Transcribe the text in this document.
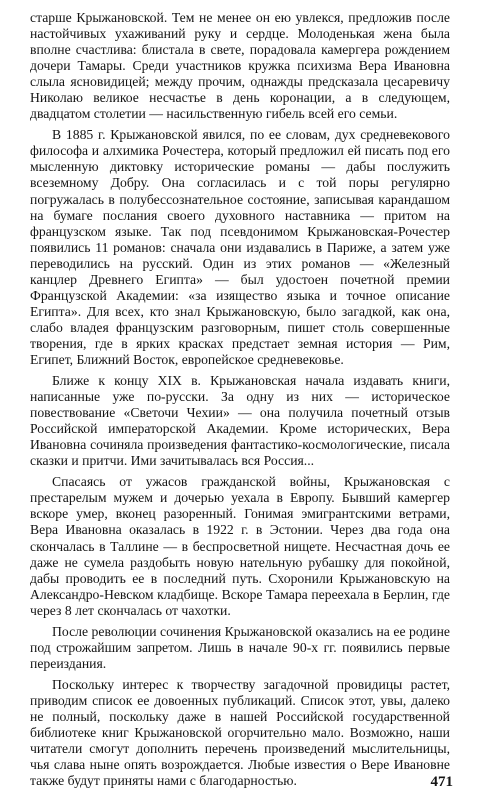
старше Крыжановской. Тем не менее он ею увлекся, предложив после настойчивых ухаживаний руку и сердце. Молоденькая жена была вполне счастлива: блистала в свете, порадовала камергера рождением дочери Тамары. Среди участников кружка психизма Вера Ивановна слыла ясновидицей; между прочим, однажды предсказала цесаревичу Николаю великое несчастье в день коронации, а в следующем, двадцатом столетии — насильственную гибель всей его семьи.

В 1885 г. Крыжановской явился, по ее словам, дух средневекового философа и алхимика Рочестера, который предложил ей писать под его мысленную диктовку исторические романы — дабы послужить всеземному Добру. Она согласилась и с той поры регулярно погружалась в полубессознательное состояние, записывая карандашом на бумаге послания своего духовного наставника — притом на французском языке. Так под псевдонимом Крыжановская-Рочестер появились 11 романов: сначала они издавались в Париже, а затем уже переводились на русский. Один из этих романов — «Железный канцлер Древнего Египта» — был удостоен почетной премии Французской Академии: «за изящество языка и точное описание Египта». Для всех, кто знал Крыжановскую, было загадкой, как она, слабо владея французским разговорным, пишет столь совершенные творения, где в ярких красках предстает земная история — Рим, Египет, Ближний Восток, европейское средневековье.

Ближе к концу XIX в. Крыжановская начала издавать книги, написанные уже по-русски. За одну из них — историческое повествование «Светочи Чехии» — она получила почетный отзыв Российской императорской Академии. Кроме исторических, Вера Ивановна сочиняла произведения фантастико-космологические, писала сказки и притчи. Ими зачитывалась вся Россия...

Спасаясь от ужасов гражданской войны, Крыжановская с престарелым мужем и дочерью уехала в Европу. Бывший камергер вскоре умер, вконец разоренный. Гонимая эмигрантскими ветрами, Вера Ивановна оказалась в 1922 г. в Эстонии. Через два года она скончалась в Таллине — в беспросветной нищете. Несчастная дочь ее даже не сумела раздобыть новую нательную рубашку для покойной, дабы проводить ее в последний путь. Схоронили Крыжановскую на Александро-Невском кладбище. Вскоре Тамара переехала в Берлин, где через 8 лет скончалась от чахотки.

После революции сочинения Крыжановской оказались на ее родине под строжайшим запретом. Лишь в начале 90-х гг. появились первые переиздания.

Поскольку интерес к творчеству загадочной провидицы растет, приводим список ее довоенных публикаций. Список этот, увы, далеко не полный, поскольку даже в нашей Российской государственной библиотеке книг Крыжановской огорчительно мало. Возможно, наши читатели смогут дополнить перечень произведений мыслительницы, чья слава ныне опять возрождается. Любые известия о Вере Ивановне также будут приняты нами с благодарностью.	471
